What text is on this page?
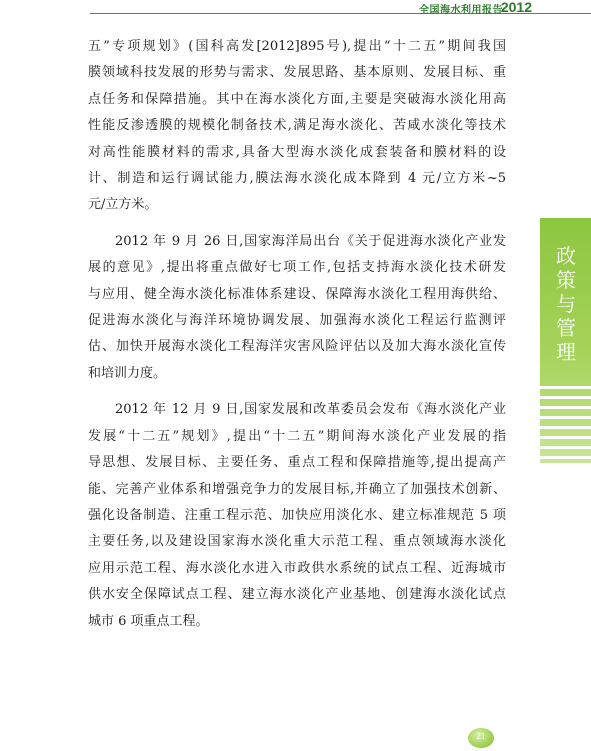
全国海水利用报告
2012
五”专项规划》(国科高发[2012]895号),提出“十二五”期间我国
膜领域科技发展的形势与需求、发展思路、基本原则、发展目标、重
点任务和保障措施。其中在海水淡化方面,主要是突破海水淡化用高
性能反渗透膜的规模化制备技术,满足海水淡化、苦咸水淡化等技术
对高性能膜材料的需求,具备大型海水淡化成套装备和膜材料的设
计、制造和运行调试能力,膜法海水淡化成本降到 4 元/立方米~5
元/立方米。
2012 年 9 月 26 日,国家海洋局出台《关于促进海水淡化产业发
展的意见》,提出将重点做好七项工作,包括支持海水淡化技术研发
与应用、健全海水淡化标准体系建设、保障海水淡化工程用海供给、
促进海水淡化与海洋环境协调发展、加强海水淡化工程运行监测评
估、加快开展海水淡化工程海洋灾害风险评估以及加大海水淡化宣传
和培训力度。
2012 年 12 月 9 日,国家发展和改革委员会发布《海水淡化产业
发展“十二五”规划》,提出“十二五”期间海水淡化产业发展的指
导思想、发展目标、主要任务、重点工程和保障措施等,提出提高产
能、完善产业体系和增强竞争力的发展目标,并确立了加强技术创新、
强化设备制造、注重工程示范、加快应用淡化水、建立标准规范 5 项
主要任务,以及建设国家海水淡化重大示范工程、重点领域海水淡化
应用示范工程、海水淡化水进入市政供水系统的试点工程、近海城市
供水安全保障试点工程、建立海水淡化产业基地、创建海水淡化试点
城市 6 项重点工程。
政策与管理
21
